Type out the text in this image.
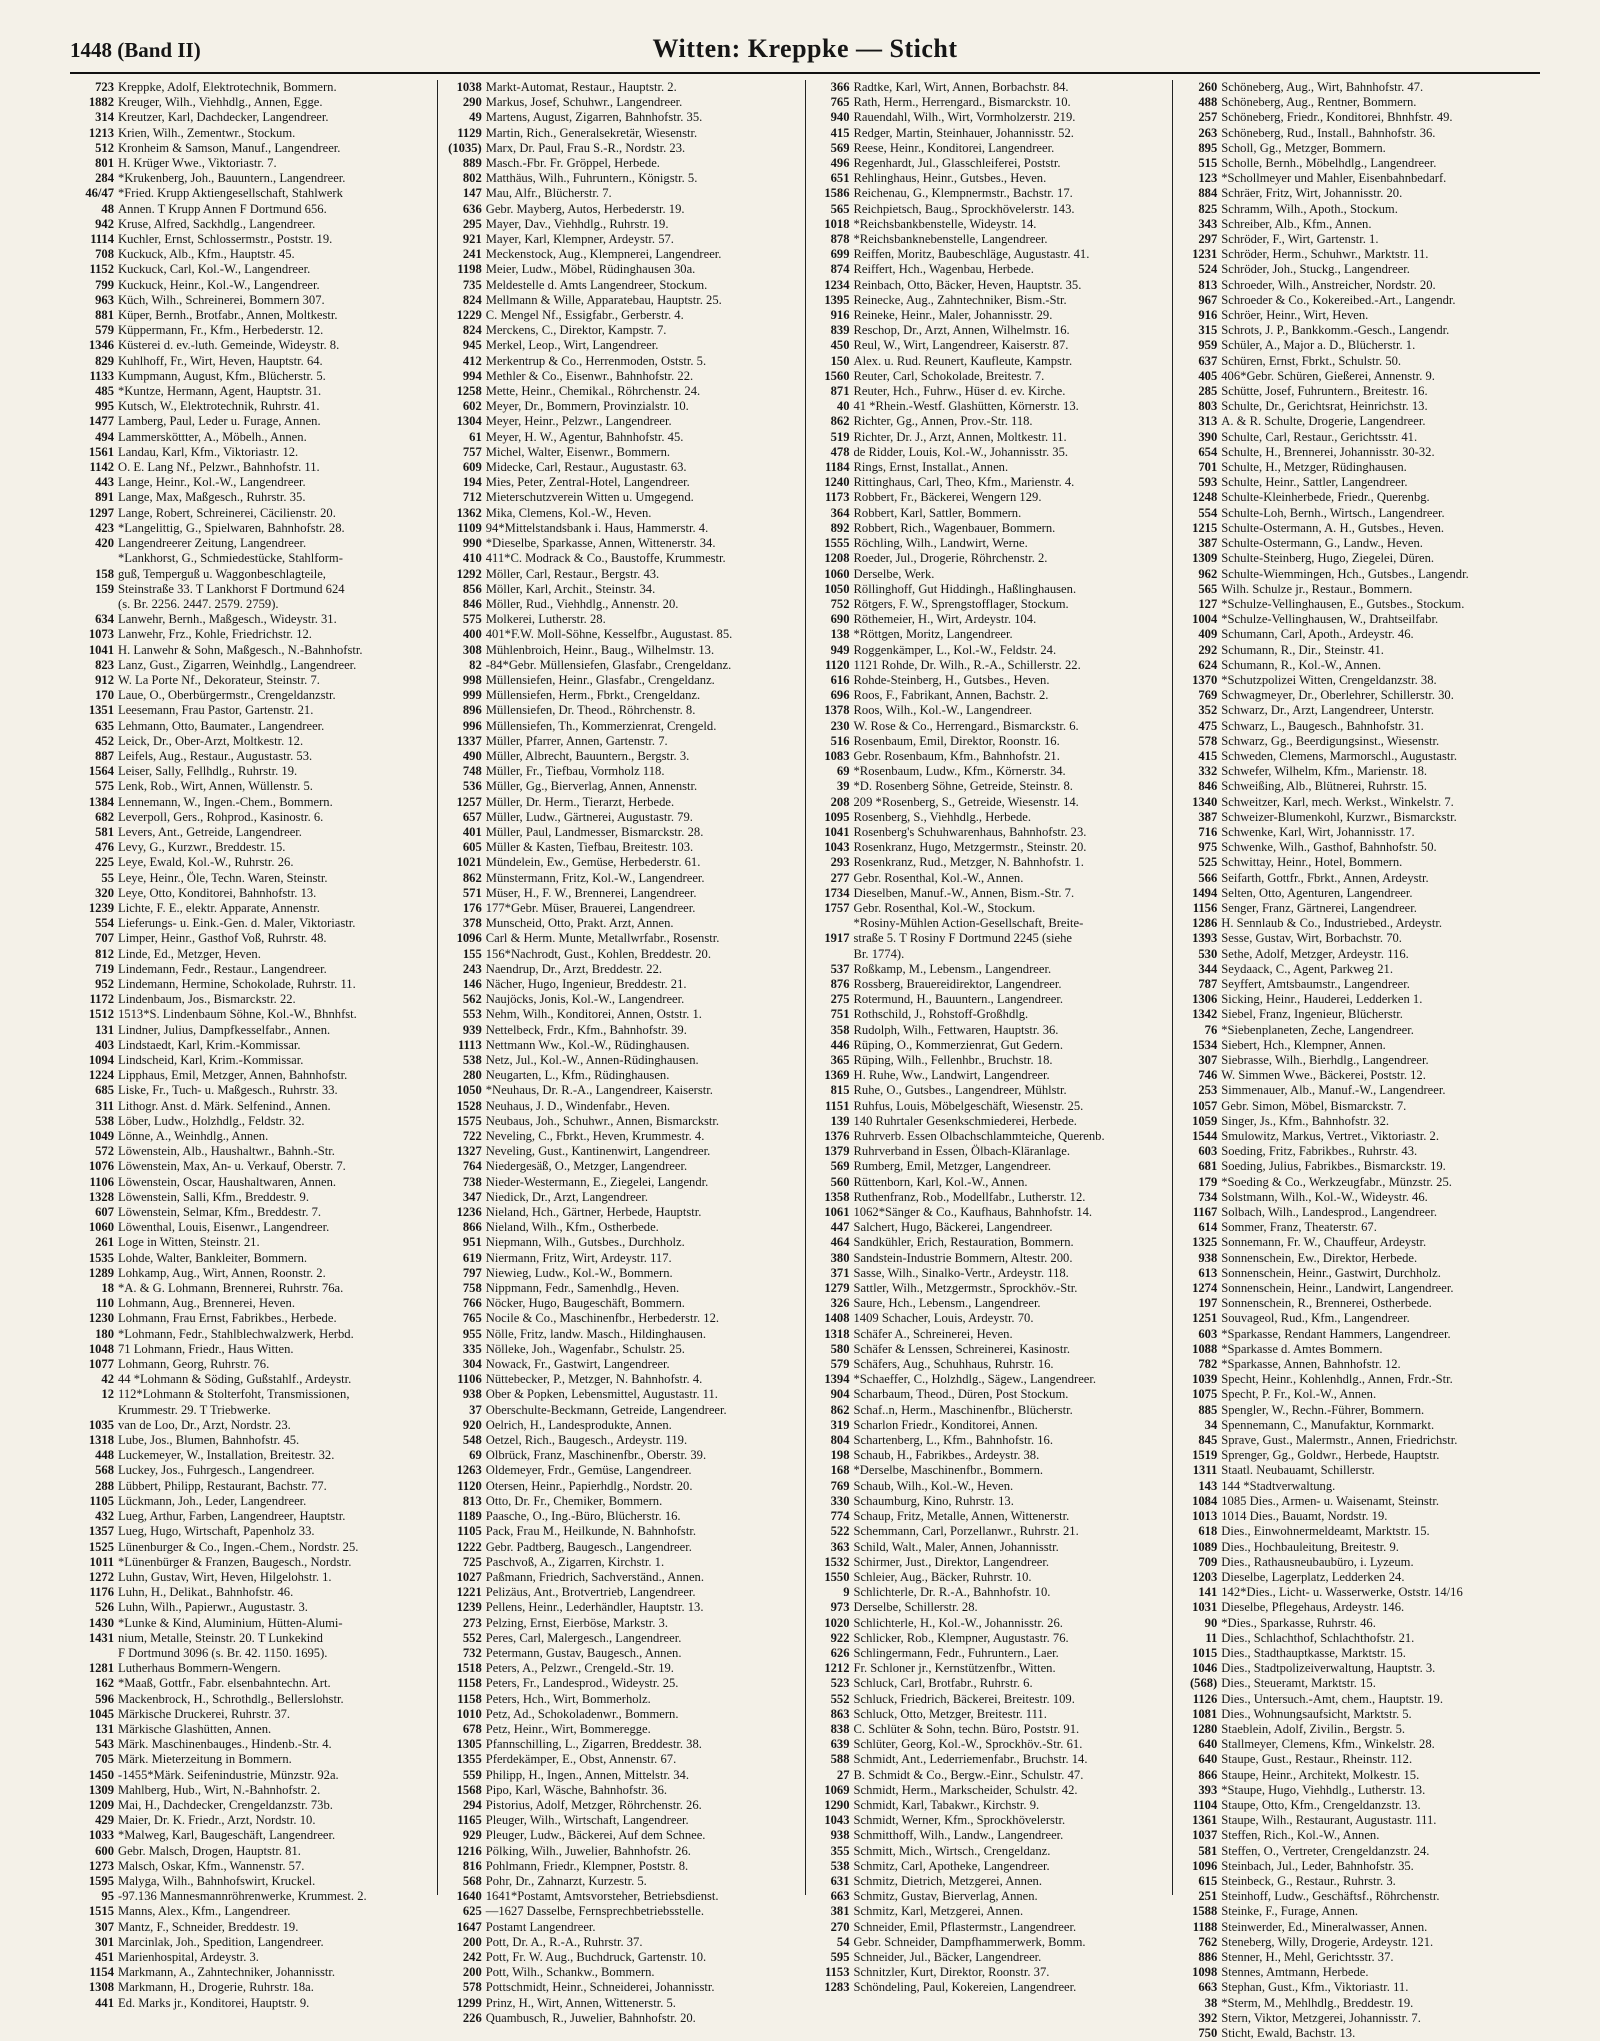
1448 (Band II)	Witten: Kreppke — Sticht
723 Kreppke, Adolf, Elektrotechnik, Bommern.
1882 Kreuger, Wilh., Viehhdlg., Annen, Egge.
314 Kreutzer, Karl, Dachdecker, Langendreer.
1213 Krien, Wilh., Zementwr., Stockum.
512 Kronheim & Samson, Manuf., Langendreer.
801 H. Krüger Wwe., Viktoriastr. 7.
284 *Krukenberg, Joh., Bauuntern., Langendreer.
46/47 *Fried. Krupp Aktiengesellschaft, Stahlwerk
48 Annen. T Krupp Annen F Dortmund 656.
942 Kruse, Alfred, Sackhdlg., Langendreer.
1114 Kuchler, Ernst, Schlossermstr., Poststr. 19.
708 Kuckuck, Alb., Kfm., Hauptstr. 45.
1152 Kuckuck, Carl, Kol.-W., Langendreer.
799 Kuckuck, Heinr., Kol.-W., Langendreer.
963 Küch, Wilh., Schreinerei, Bommern 307.
881 Küper, Bernh., Brotfabr., Annen, Moltkestr.
579 Küppermann, Fr., Kfm., Herbederstr. 12.
1346 Küsterei d. ev.-luth. Gemeinde, Wideystr. 8.
829 Kuhlhoff, Fr., Wirt, Heven, Hauptstr. 64.
1133 Kumpmann, August, Kfm., Blücherstr. 5.
485 *Kuntze, Hermann, Agent, Hauptstr. 31.
995 Kutsch, W., Elektrotechnik, Ruhrstr. 41.
1477 Lamberg, Paul, Leder u. Furage, Annen.
494 Lammersköttter, A., Möbelh., Annen.
1561 Landau, Karl, Kfm., Viktoriastr. 12.
1142 O. E. Lang Nf., Pelzwr., Bahnhofstr. 11.
443 Lange, Heinr., Kol.-W., Langendreer.
891 Lange, Max, Maßgesch., Ruhrstr. 35.
1297 Lange, Robert, Schreinerei, Cäcilienstr. 20.
423 *Langelittig, G., Spielwaren, Bahnhofstr. 28.
420 Langendreerer Zeitung, Langendreer.
*Lankhorst, G., Schmiedestücke, Stahlform-
158 guß, Temperguß u. Waggonbeschlagteile,
159 Steinstraße 33. T Lankhorst F Dortmund 624
(s. Br. 2256. 2447. 2579. 2759).
634 Lanwehr, Bernh., Maßgesch., Wideystr. 31.
1073 Lanwehr, Frz., Kohle, Friedrichstr. 12.
1041 H. Lanwehr & Sohn, Maßgesch., N.-Bahnhofstr.
823 Lanz, Gust., Zigarren, Weinhdlg., Langendreer.
912 W. La Porte Nf., Dekorateur, Steinstr. 7.
170 Laue, O., Oberbürgermstr., Crengeldanzstr.
1351 Leesemann, Frau Pastor, Gartenstr. 21.
635 Lehmann, Otto, Baumater., Langendreer.
452 Leick, Dr., Ober-Arzt, Moltkestr. 12.
887 Leifels, Aug., Restaur., Augustastr. 53.
1564 Leiser, Sally, Fellhdlg., Ruhrstr. 19.
575 Lenk, Rob., Wirt, Annen, Wüllenstr. 5.
1384 Lennemann, W., Ingen.-Chem., Bommern.
682 Leverpoll, Gers., Rohprod., Kasinostr. 6.
581 Levers, Ant., Getreide, Langendreer.
476 Levy, G., Kurzwr., Breddestr. 15.
225 Leye, Ewald, Kol.-W., Ruhrstr. 26.
55 Leye, Heinr., Öle, Techn. Waren, Steinstr.
320 Leye, Otto, Konditorei, Bahnhofstr. 13.
1239 Lichte, F. E., elektr. Apparate, Annenstr.
554 Lieferungs- u. Eink.-Gen. d. Maler, Viktoriastr.
707 Limper, Heinr., Gasthof Voß, Ruhrstr. 48.
812 Linde, Ed., Metzger, Heven.
719 Lindemann, Fedr., Restaur., Langendreer.
952 Lindemann, Hermine, Schokolade, Ruhrstr. 11.
1172 Lindenbaum, Jos., Bismarckstr. 22.
1512 1513*S. Lindenbaum Söhne, Kol.-W., Bhnhfst.
131 Lindner, Julius, Dampfkesselfabr., Annen.
403 Lindstaedt, Karl, Krim.-Kommissar.
1094 Lindscheid, Karl, Krim.-Kommissar.
1224 Lipphaus, Emil, Metzger, Annen, Bahnhofstr.
685 Liske, Fr., Tuch- u. Maßgesch., Ruhrstr. 33.
311 Lithogr. Anst. d. Märk. Selfenind., Annen.
538 Löber, Ludw., Holzhdlg., Feldstr. 32.
1049 Lönne, A., Weinhdlg., Annen.
572 Löwenstein, Alb., Haushaltwr., Bahnh.-Str.
1076 Löwenstein, Max, An- u. Verkauf, Oberstr. 7.
1106 Löwenstein, Oscar, Haushaltwaren, Annen.
1328 Löwenstein, Salli, Kfm., Breddestr. 9.
607 Löwenstein, Selmar, Kfm., Breddestr. 7.
1060 Löwenthal, Louis, Eisenwr., Langendreer.
261 Loge in Witten, Steinstr. 21.
1535 Lohde, Walter, Bankleiter, Bommern.
1289 Lohkamp, Aug., Wirt, Annen, Roonstr. 2.
18 *A. & G. Lohmann, Brennerei, Ruhrstr. 76a.
110 Lohmann, Aug., Brennerei, Heven.
1230 Lohmann, Frau Ernst, Fabrikbes., Herbede.
180 *Lohmann, Fedr., Stahlblechwalzwerk, Herbd.
1048 71 Lohmann, Friedr., Haus Witten.
1077 Lohmann, Georg, Ruhrstr. 76.
42 44 *Lohmann & Söding, Gußstahlf., Ardeystr.
12 112*Lohmann & Stolterfoht, Transmissionen,
Krummestr. 29. T Triebwerke.
1035 van de Loo, Dr., Arzt, Nordstr. 23.
1318 Lube, Jos., Blumen, Bahnhofstr. 45.
448 Luckemeyer, W., Installation, Breitestr. 32.
568 Luckey, Jos., Fuhrgesch., Langendreer.
288 Lübbert, Philipp, Restaurant, Bachstr. 77.
1105 Lückmann, Joh., Leder, Langendreer.
432 Lueg, Arthur, Farben, Langendreer, Hauptstr.
1357 Lueg, Hugo, Wirtschaft, Papenholz 33.
1525 Lünenburger & Co., Ingen.-Chem., Nordstr. 25.
1011 *Lünenbürger & Franzen, Baugesch., Nordstr.
1272 Luhn, Gustav, Wirt, Heven, Hilgelohstr. 1.
1176 Luhn, H., Delikat., Bahnhofstr. 46.
526 Luhn, Wilh., Papierwr., Augustastr. 3.
1430 *Lunke & Kind, Aluminium, Hütten-Alumi-
1431 nium, Metalle, Steinstr. 20. T Lunkekind
F Dortmund 3096 (s. Br. 42. 1150. 1695).
1281 Lutherhaus Bommern-Wengern.
162 *Maaß, Gottfr., Fabr. elsenbahntechn. Art.
596 Mackenbrock, H., Schrothdlg., Bellerslohstr.
1045 Märkische Druckerei, Ruhrstr. 37.
131 Märkische Glashütten, Annen.
543 Märk. Maschinenbauges., Hindenb.-Str. 4.
705 Märk. Mieterzeitung in Bommern.
1450 -1455*Märk. Seifenindustrie, Münzstr. 92a.
1309 Mahlberg, Hub., Wirt, N.-Bahnhofstr. 2.
1209 Mai, H., Dachdecker, Crengeldanzstr. 73b.
429 Maier, Dr. K. Friedr., Arzt, Nordstr. 10.
1033 *Malweg, Karl, Baugeschäft, Langendreer.
600 Gebr. Malsch, Drogen, Hauptstr. 81.
1273 Malsch, Oskar, Kfm., Wannenstr. 57.
1595 Malyga, Wilh., Bahnhofswirt, Kruckel.
95 -97.136 Mannesmannröhrenwerke, Krummest. 2.
1515 Manns, Alex., Kfm., Langendreer.
307 Mantz, F., Schneider, Breddestr. 19.
301 Marcinlak, Joh., Spedition, Langendreer.
451 Marienhospital, Ardeystr. 3.
1154 Markmann, A., Zahntechniker, Johannisstr.
1308 Markmann, H., Drogerie, Ruhrstr. 18a.
441 Ed. Marks jr., Konditorei, Hauptstr. 9.
1038 Markt-Automat, Restaur., Hauptstr. 2.
290 Markus, Josef, Schuhwr., Langendreer.
49 Martens, August, Zigarren, Bahnhofstr. 35.
1129 Martin, Rich., Generalsekretär, Wiesenstr.
(1035) Marx, Dr. Paul, Frau S.-R., Nordstr. 23.
889 Masch.-Fbr. Fr. Gröppel, Herbede.
802 Matthäus, Wilh., Fuhruntern., Königstr. 5.
147 Mau, Alfr., Blücherstr. 7.
636 Gebr. Mayberg, Autos, Herbederstr. 19.
295 Mayer, Dav., Viehhdlg., Ruhrstr. 19.
921 Mayer, Karl, Klempner, Ardeystr. 57.
241 Meckenstock, Aug., Klempnerei, Langendreer.
1198 Meier, Ludw., Möbel, Rüdinghausen 30a.
735 Meldestelle d. Amts Langendreer, Stockum.
824 Mellmann & Wille, Apparatebau, Hauptstr. 25.
1229 C. Mengel Nf., Essigfabr., Gerberstr. 4.
824 Merckens, C., Direktor, Kampstr. 7.
945 Merkel, Leop., Wirt, Langendreer.
412 Merkentrup & Co., Herrenmoden, Oststr. 5.
994 Methler & Co., Eisenwr., Bahnhofstr. 22.
1258 Mette, Heinr., Chemikal., Röhrchenstr. 24.
602 Meyer, Dr., Bommern, Provinzialstr. 10.
1304 Meyer, Heinr., Pelzwr., Langendreer.
61 Meyer, H. W., Agentur, Bahnhofstr. 45.
757 Michel, Walter, Eisenwr., Bommern.
609 Midecke, Carl, Restaur., Augustastr. 63.
194 Mies, Peter, Zentral-Hotel, Langendreer.
712 Mieterschutzverein Witten u. Umgegend.
1362 Mika, Clemens, Kol.-W., Heven.
1109 94*Mittelstandsbank i. Haus, Hammerstr. 4.
990 *Dieselbe, Sparkasse, Annen, Wittenerstr. 34.
410 411*C. Modrack & Co., Baustoffe, Krummestr.
1292 Möller, Carl, Restaur., Bergstr. 43.
856 Möller, Karl, Archit., Steinstr. 34.
846 Möller, Rud., Viehhdlg., Annenstr. 20.
575 Molkerei, Lutherstr. 28.
400 401*F.W. Moll-Söhne, Kesselfbr., Augustast. 85.
308 Mühlenbroich, Heinr., Baug., Wilhelmstr. 13.
82 -84*Gebr. Müllensiefen, Glasfabr., Crengeldanz.
998 Müllensiefen, Heinr., Glasfabr., Crengeldanz.
999 Müllensiefen, Herm., Fbrkt., Crengeldanz.
896 Müllensiefen, Dr. Theod., Röhrchenstr. 8.
996 Müllensiefen, Th., Kommerzienrat, Crengeld.
1337 Müller, Pfarrer, Annen, Gartenstr. 7.
490 Müller, Albrecht, Bauuntern., Bergstr. 3.
748 Müller, Fr., Tiefbau, Vormholz 118.
536 Müller, Gg., Bierverlag, Annen, Annenstr.
1257 Müller, Dr. Herm., Tierarzt, Herbede.
657 Müller, Ludw., Gärtnerei, Augustastr. 79.
401 Müller, Paul, Landmesser, Bismarckstr. 28.
605 Müller & Kasten, Tiefbau, Breitestr. 103.
1021 Mündelein, Ew., Gemüse, Herbederstr. 61.
862 Münstermann, Fritz, Kol.-W., Langendreer.
571 Müser, H., F. W., Brennerei, Langendreer.
176 177*Gebr. Müser, Brauerei, Langendreer.
378 Munscheid, Otto, Prakt. Arzt, Annen.
1096 Carl & Herm. Munte, Metallwrfabr., Rosenstr.
155 156*Nachrodt, Gust., Kohlen, Breddestr. 20.
243 Naendrup, Dr., Arzt, Breddestr. 22.
146 Nächer, Hugo, Ingenieur, Breddestr. 21.
562 Naujöcks, Jonis, Kol.-W., Langendreer.
553 Nehm, Wilh., Konditorei, Annen, Oststr. 1.
939 Nettelbeck, Frdr., Kfm., Bahnhofstr. 39.
1113 Nettmann Ww., Kol.-W., Rüdinghausen.
538 Netz, Jul., Kol.-W., Annen-Rüdinghausen.
280 Neugarten, L., Kfm., Rüdinghausen.
1050 *Neuhaus, Dr. R.-A., Langendreer, Kaiserstr.
1528 Neuhaus, J. D., Windenfabr., Heven.
1575 Neubaus, Joh., Schuhwr., Annen, Bismarckstr.
722 Neveling, C., Fbrkt., Heven, Krummestr. 4.
1327 Neveling, Gust., Kantinenwirt, Langendreer.
764 Niedergesäß, O., Metzger, Langendreer.
738 Nieder-Westermann, E., Ziegelei, Langendr.
347 Niedick, Dr., Arzt, Langendreer.
1236 Nieland, Hch., Gärtner, Herbede, Hauptstr.
866 Nieland, Wilh., Kfm., Ostherbede.
951 Niepmann, Wilh., Gutsbes., Durchholz.
619 Niermann, Fritz, Wirt, Ardeystr. 117.
797 Niewieg, Ludw., Kol.-W., Bommern.
758 Nippmann, Fedr., Samenhdlg., Heven.
766 Nöcker, Hugo, Baugeschäft, Bommern.
765 Nocile & Co., Maschinenfbr., Herbederstr. 12.
955 Nölle, Fritz, landw. Masch., Hildinghausen.
335 Nölleke, Joh., Wagenfabr., Schulstr. 25.
304 Nowack, Fr., Gastwirt, Langendreer.
1106 Nüttebecker, P., Metzger, N. Bahnhofstr. 4.
938 Ober & Popken, Lebensmittel, Augustastr. 11.
37 Oberschulte-Beckmann, Getreide, Langendreer.
920 Oelrich, H., Landesprodukte, Annen.
548 Oetzel, Rich., Baugesch., Ardeystr. 119.
69 Olbrück, Franz, Maschinenfbr., Oberstr. 39.
1263 Oldemeyer, Frdr., Gemüse, Langendreer.
1120 Otersen, Heinr., Papierhdlg., Nordstr. 20.
813 Otto, Dr. Fr., Chemiker, Bommern.
1189 Paasche, O., Ing.-Büro, Blücherstr. 16.
1105 Pack, Frau M., Heilkunde, N. Bahnhofstr.
1222 Gebr. Padtberg, Baugesch., Langendreer.
725 Paschvoß, A., Zigarren, Kirchstr. 1.
1027 Paßmann, Friedrich, Sachverständ., Annen.
1221 Pelizäus, Ant., Brotvertrieb, Langendreer.
1239 Pellens, Heinr., Lederhändler, Hauptstr. 13.
273 Pelzing, Ernst, Eierböse, Markstr. 3.
552 Peres, Carl, Malergesch., Langendreer.
732 Petermann, Gustav, Baugesch., Annen.
1518 Peters, A., Pelzwr., Crengeld.-Str. 19.
1158 Peters, Fr., Landesprod., Wideystr. 25.
1158 Peters, Hch., Wirt, Bommerholz.
1010 Petz, Ad., Schokoladenwr., Bommern.
678 Petz, Heinr., Wirt, Bommeregge.
1305 Pfannschilling, L., Zigarren, Breddestr. 38.
1355 Pferdekämper, E., Obst, Annenstr. 67.
559 Philipp, H., Ingen., Annen, Mittelstr. 34.
1568 Pipo, Karl, Wäsche, Bahnhofstr. 36.
294 Pistorius, Adolf, Metzger, Röhrchenstr. 26.
1165 Pleuger, Wilh., Wirtschaft, Langendreer.
929 Pleuger, Ludw., Bäckerei, Auf dem Schnee.
1216 Pölking, Wilh., Juwelier, Bahnhofstr. 26.
816 Pohlmann, Friedr., Klempner, Poststr. 8.
568 Pohr, Dr., Zahnarzt, Kurzestr. 5.
1640 1641*Postamt, Amtsvorsteher, Betriebsdienst.
625 —1627 Dasselbe, Fernsprechbetriebsstelle.
1647 Postamt Langendreer.
200 Pott, Dr. A., R.-A., Ruhrstr. 37.
242 Pott, Fr. W. Aug., Buchdruck, Gartenstr. 10.
200 Pott, Wilh., Schankw., Bommern.
578 Pottschmidt, Heinr., Schneiderei, Johannisstr.
1299 Prinz, H., Wirt, Annen, Wittenerstr. 5.
226 Quambusch, R., Juwelier, Bahnhofstr. 20.
366 Radtke, Karl, Wirt, Annen, Borbachstr. 84.
765 Rath, Herm., Herrengard., Bismarckstr. 10.
940 Rauendahl, Wilh., Wirt, Vormholzerstr. 219.
415 Redger, Martin, Steinhauer, Johannisstr. 52.
569 Reese, Heinr., Konditorei, Langendreer.
496 Regenhardt, Jul., Glasschleiferei, Poststr.
651 Rehlinghaus, Heinr., Gutsbes., Heven.
1586 Reichenau, G., Klempnermstr., Bachstr. 17.
565 Reichpietsch, Baug., Sprockhövelerstr. 143.
1018 *Reichsbankbenstelle, Wideystr. 14.
878 *Reichsbanknebenstelle, Langendreer.
699 Reiffen, Moritz, Baubeschläge, Augustastr. 41.
874 Reiffert, Hch., Wagenbau, Herbede.
1234 Reinbach, Otto, Bäcker, Heven, Hauptstr. 35.
1395 Reinecke, Aug., Zahntechniker, Bism.-Str.
916 Reineke, Heinr., Maler, Johannisstr. 29.
839 Reschop, Dr., Arzt, Annen, Wilhelmstr. 16.
450 Reul, W., Wirt, Langendreer, Kaiserstr. 87.
150 Alex. u. Rud. Reunert, Kaufleute, Kampstr.
1560 Reuter, Carl, Schokolade, Breitestr. 7.
871 Reuter, Hch., Fuhrw., Hüser d. ev. Kirche.
40 41 *Rhein.-Westf. Glashütten, Körnerstr. 13.
862 Richter, Gg., Annen, Prov.-Str. 118.
519 Richter, Dr. J., Arzt, Annen, Moltkestr. 11.
478 de Ridder, Louis, Kol.-W., Johannisstr. 35.
1184 Rings, Ernst, Installat., Annen.
1240 Rittinghaus, Carl, Theo, Kfm., Marienstr. 4.
1173 Robbert, Fr., Bäckerei, Wengern 129.
364 Robbert, Karl, Sattler, Bommern.
892 Robbert, Rich., Wagenbauer, Bommern.
1555 Röchling, Wilh., Landwirt, Werne.
1208 Roeder, Jul., Drogerie, Röhrchenstr. 2.
1060 Derselbe, Werk.
1050 Röllinghoff, Gut Hiddingh., Haßlinghausen.
752 Rötgers, F. W., Sprengstofflager, Stockum.
690 Röthemeier, H., Wirt, Ardeystr. 104.
138 *Röttgen, Moritz, Langendreer.
949 Roggenkämper, L., Kol.-W., Feldstr. 24.
1120 1121 Rohde, Dr. Wilh., R.-A., Schillerstr. 22.
616 Rohde-Steinberg, H., Gutsbes., Heven.
696 Roos, F., Fabrikant, Annen, Bachstr. 2.
1378 Roos, Wilh., Kol.-W., Langendreer.
230 W. Rose & Co., Herrengard., Bismarckstr. 6.
516 Rosenbaum, Emil, Direktor, Roonstr. 16.
1083 Gebr. Rosenbaum, Kfm., Bahnhofstr. 21.
69 *Rosenbaum, Ludw., Kfm., Körnerstr. 34.
39 *D. Rosenberg Söhne, Getreide, Steinstr. 8.
208 209 *Rosenberg, S., Getreide, Wiesenstr. 14.
1095 Rosenberg, S., Viehhdlg., Herbede.
1041 Rosenberg's Schuhwarenhaus, Bahnhofstr. 23.
1043 Rosenkranz, Hugo, Metzgermstr., Steinstr. 20.
293 Rosenkranz, Rud., Metzger, N. Bahnhofstr. 1.
277 Gebr. Rosenthal, Kol.-W., Annen.
1734 Dieselben, Manuf.-W., Annen, Bism.-Str. 7.
1757 Gebr. Rosenthal, Kol.-W., Stockum.
*Rosiny-Mühlen Action-Gesellschaft, Breite-
1917 straße 5. T Rosiny F Dortmund 2245 (siehe
Br. 1774).
537 Roßkamp, M., Lebensm., Langendreer.
876 Rossberg, Brauereidirektor, Langendreer.
275 Rotermund, H., Bauuntern., Langendreer.
751 Rothschild, J., Rohstoff-Großhdlg.
358 Rudolph, Wilh., Fettwaren, Hauptstr. 36.
446 Rüping, O., Kommerzienrat, Gut Gedern.
365 Rüping, Wilh., Fellenhbr., Bruchstr. 18.
1369 H. Ruhe, Ww., Landwirt, Langendreer.
815 Ruhe, O., Gutsbes., Langendreer, Mühlstr.
1151 Ruhfus, Louis, Möbelgeschäft, Wiesenstr. 25.
139 140 Ruhrtaler Gesenkschmiederei, Herbede.
1376 Ruhrverb. Essen Olbachschlammteiche, Querenb.
1379 Ruhrverband in Essen, Ölbach-Kläranlage.
569 Rumberg, Emil, Metzger, Langendreer.
560 Rüttenborn, Karl, Kol.-W., Annen.
1358 Ruthenfranz, Rob., Modellfabr., Lutherstr. 12.
1061 1062*Sänger & Co., Kaufhaus, Bahnhofstr. 14.
447 Salchert, Hugo, Bäckerei, Langendreer.
464 Sandkühler, Erich, Restauration, Bommern.
380 Sandstein-Industrie Bommern, Altestr. 200.
371 Sasse, Wilh., Sinalko-Vertr., Ardeystr. 118.
1279 Sattler, Wilh., Metzgermstr., Sprockhöv.-Str.
326 Saure, Hch., Lebensm., Langendreer.
1408 1409 Schacher, Louis, Ardeystr. 70.
1318 Schäfer A., Schreinerei, Heven.
580 Schäfer & Lenssen, Schreinerei, Kasinostr.
579 Schäfers, Aug., Schuhhaus, Ruhrstr. 16.
1394 *Schaeffer, C., Holzhdlg., Sägew., Langendreer.
904 Scharbaum, Theod., Düren, Post Stockum.
862 Schaf..n, Herm., Maschinenfbr., Blücherstr.
319 Scharlon Friedr., Konditorei, Annen.
804 Schartenberg, L., Kfm., Bahnhofstr. 16.
198 Schaub, H., Fabrikbes., Ardeystr. 38.
168 *Derselbe, Maschinenfbr., Bommern.
769 Schaub, Wilh., Kol.-W., Heven.
330 Schaumburg, Kino, Ruhrstr. 13.
774 Schaup, Fritz, Metalle, Annen, Wittenerstr.
522 Schemmann, Carl, Porzellanwr., Ruhrstr. 21.
363 Schild, Walt., Maler, Annen, Johannisstr.
1532 Schirmer, Just., Direktor, Langendreer.
1550 Schleier, Aug., Bäcker, Ruhrstr. 10.
9 Schlichterle, Dr. R.-A., Bahnhofstr. 10.
973 Derselbe, Schillerstr. 28.
1020 Schlichterle, H., Kol.-W., Johannisstr. 26.
922 Schlicker, Rob., Klempner, Augustastr. 76.
626 Schlingermann, Fedr., Fuhruntern., Laer.
1212 Fr. Schloner jr., Kernstützenfbr., Witten.
523 Schluck, Carl, Brotfabr., Ruhrstr. 6.
552 Schluck, Friedrich, Bäckerei, Breitestr. 109.
863 Schluck, Otto, Metzger, Breitestr. 111.
838 C. Schlüter & Sohn, techn. Büro, Poststr. 91.
639 Schlüter, Georg, Kol.-W., Sprockhöv.-Str. 61.
588 Schmidt, Ant., Lederriemenfabr., Bruchstr. 14.
27 B. Schmidt & Co., Bergw.-Einr., Schulstr. 47.
1069 Schmidt, Herm., Markscheider, Schulstr. 42.
1290 Schmidt, Karl, Tabakwr., Kirchstr. 9.
1043 Schmidt, Werner, Kfm., Sprockhövelerstr.
938 Schmitthoff, Wilh., Landw., Langendreer.
355 Schmitt, Mich., Wirtsch., Crengeldanz.
538 Schmitz, Carl, Apotheke, Langendreer.
631 Schmitz, Dietrich, Metzgerei, Annen.
663 Schmitz, Gustav, Bierverlag, Annen.
381 Schmitz, Karl, Metzgerei, Annen.
270 Schneider, Emil, Pflastermstr., Langendreer.
54 Gebr. Schneider, Dampfhammerwerk, Bomm.
595 Schneider, Jul., Bäcker, Langendreer.
1153 Schnitzler, Kurt, Direktor, Roonstr. 37.
1283 Schöndeling, Paul, Kokereien, Langendreer.
260 Schöneberg, Aug., Wirt, Bahnhofstr. 47.
488 Schöneberg, Aug., Rentner, Bommern.
257 Schöneberg, Friedr., Konditorei, Bhnhfstr. 49.
263 Schöneberg, Rud., Install., Bahnhofstr. 36.
895 Scholl, Gg., Metzger, Bommern.
515 Scholle, Bernh., Möbelhdlg., Langendreer.
123 *Schollmeyer und Mahler, Eisenbahnbedarf.
884 Schräer, Fritz, Wirt, Johannisstr. 20.
825 Schramm, Wilh., Apoth., Stockum.
343 Schreiber, Alb., Kfm., Annen.
297 Schröder, F., Wirt, Gartenstr. 1.
1231 Schröder, Herm., Schuhwr., Marktstr. 11.
524 Schröder, Joh., Stuckg., Langendreer.
813 Schroeder, Wilh., Anstreicher, Nordstr. 20.
967 Schroeder & Co., Kokereibed.-Art., Langendr.
916 Schröer, Heinr., Wirt, Heven.
315 Schrots, J. P., Bankkomm.-Gesch., Langendr.
959 Schüler, A., Major a. D., Blücherstr. 1.
637 Schüren, Ernst, Fbrkt., Schulstr. 50.
405 406*Gebr. Schüren, Gießerei, Annenstr. 9.
285 Schütte, Josef, Fuhruntern., Breitestr. 16.
803 Schulte, Dr., Gerichtsrat, Heinrichstr. 13.
313 A. & R. Schulte, Drogerie, Langendreer.
390 Schulte, Carl, Restaur., Gerichtsstr. 41.
654 Schulte, H., Brennerei, Johannisstr. 30-32.
701 Schulte, H., Metzger, Rüdinghausen.
593 Schulte, Heinr., Sattler, Langendreer.
1248 Schulte-Kleinherbede, Friedr., Querenbg.
554 Schulte-Loh, Bernh., Wirtsch., Langendreer.
1215 Schulte-Ostermann, A. H., Gutsbes., Heven.
387 Schulte-Ostermann, G., Landw., Heven.
1309 Schulte-Steinberg, Hugo, Ziegelei, Düren.
962 Schulte-Wiemmingen, Hch., Gutsbes., Langendr.
565 Wilh. Schulze jr., Restaur., Bommern.
127 *Schulze-Vellinghausen, E., Gutsbes., Stockum.
1004 *Schulze-Vellinghausen, W., Drahtseilfabr.
409 Schumann, Carl, Apoth., Ardeystr. 46.
292 Schumann, R., Dir., Steinstr. 41.
624 Schumann, R., Kol.-W., Annen.
1370 *Schutzpolizei Witten, Crengeldanzstr. 38.
769 Schwagmeyer, Dr., Oberlehrer, Schillerstr. 30.
352 Schwarz, Dr., Arzt, Langendreer, Unterstr.
475 Schwarz, L., Baugesch., Bahnhofstr. 31.
578 Schwarz, Gg., Beerdigungsinst., Wiesenstr.
415 Schweden, Clemens, Marmorschl., Augustastr.
332 Schwefer, Wilhelm, Kfm., Marienstr. 18.
846 Schweißing, Alb., Blütnerei, Ruhrstr. 15.
1340 Schweitzer, Karl, mech. Werkst., Winkelstr. 7.
387 Schweizer-Blumenkohl, Kurzwr., Bismarckstr.
716 Schwenke, Karl, Wirt, Johannisstr. 17.
975 Schwenke, Wilh., Gasthof, Bahnhofstr. 50.
525 Schwittay, Heinr., Hotel, Bommern.
566 Seifarth, Gottfr., Fbrkt., Annen, Ardeystr.
1494 Selten, Otto, Agenturen, Langendreer.
1156 Senger, Franz, Gärtnerei, Langendreer.
1286 H. Sennlaub & Co., Industriebed., Ardeystr.
1393 Sesse, Gustav, Wirt, Borbachstr. 70.
530 Sethe, Adolf, Metzger, Ardeystr. 116.
344 Seydaack, C., Agent, Parkweg 21.
787 Seyffert, Amtsbaumstr., Langendreer.
1306 Sicking, Heinr., Hauderei, Ledderken 1.
1342 Siebel, Franz, Ingenieur, Blücherstr.
76 *Siebenplaneten, Zeche, Langendreer.
1534 Siebert, Hch., Klempner, Annen.
307 Siebrasse, Wilh., Bierhdlg., Langendreer.
746 W. Simmen Wwe., Bäckerei, Poststr. 12.
253 Simmenauer, Alb., Manuf.-W., Langendreer.
1057 Gebr. Simon, Möbel, Bismarckstr. 7.
1059 Singer, Js., Kfm., Bahnhofstr. 32.
1544 Smulowitz, Markus, Vertret., Viktoriastr. 2.
603 Soeding, Fritz, Fabrikbes., Ruhrstr. 43.
681 Soeding, Julius, Fabrikbes., Bismarckstr. 19.
179 *Soeding & Co., Werkzeugfabr., Münzstr. 25.
734 Solstmann, Wilh., Kol.-W., Wideystr. 46.
1167 Solbach, Wilh., Landesprod., Langendreer.
614 Sommer, Franz, Theaterstr. 67.
1325 Sonnemann, Fr. W., Chauffeur, Ardeystr.
938 Sonnenschein, Ew., Direktor, Herbede.
613 Sonnenschein, Heinr., Gastwirt, Durchholz.
1274 Sonnenschein, Heinr., Landwirt, Langendreer.
197 Sonnenschein, R., Brennerei, Ostherbede.
1251 Souvageol, Rud., Kfm., Langendreer.
603 *Sparkasse, Rendant Hammers, Langendreer.
1088 *Sparkasse d. Amtes Bommern.
782 *Sparkasse, Annen, Bahnhofstr. 12.
1039 Specht, Heinr., Kohlenhdlg., Annen, Frdr.-Str.
1075 Specht, P. Fr., Kol.-W., Annen.
885 Spengler, W., Rechn.-Führer, Bommern.
34 Spennemann, C., Manufaktur, Kornmarkt.
845 Sprave, Gust., Malermstr., Annen, Friedrichstr.
1519 Sprenger, Gg., Goldwr., Herbede, Hauptstr.
1311 Staatl. Neubauamt, Schillerstr.
143 144 *Stadtverwaltung.
1084 1085 Dies., Armen- u. Waisenamt, Steinstr.
1013 1014 Dies., Bauamt, Nordstr. 19.
618 Dies., Einwohnermeldeamt, Marktstr. 15.
1089 Dies., Hochbauleitung, Breitestr. 9.
709 Dies., Rathausneubaubüro, i. Lyzeum.
1203 Dieselbe, Lagerplatz, Ledderken 24.
141 142*Dies., Licht- u. Wasserwerke, Oststr. 14/16
1031 Dieselbe, Pflegehaus, Ardeystr. 146.
90 *Dies., Sparkasse, Ruhrstr. 46.
11 Dies., Schlachthof, Schlachthofstr. 21.
1015 Dies., Stadthauptkasse, Marktstr. 15.
1046 Dies., Stadtpolizeiverwaltung, Hauptstr. 3.
(568) Dies., Steueramt, Marktstr. 15.
1126 Dies., Untersuch.-Amt, chem., Hauptstr. 19.
1081 Dies., Wohnungsaufsicht, Marktstr. 5.
1280 Staeblein, Adolf, Zivilin., Bergstr. 5.
640 Stallmeyer, Clemens, Kfm., Winkelstr. 28.
640 Staupe, Gust., Restaur., Rheinstr. 112.
866 Staupe, Heinr., Architekt, Molkestr. 15.
393 *Staupe, Hugo, Viehhdlg., Lutherstr. 13.
1104 Staupe, Otto, Kfm., Crengeldanzstr. 13.
1361 Staupe, Wilh., Restaurant, Augustastr. 111.
1037 Steffen, Rich., Kol.-W., Annen.
581 Steffen, O., Vertreter, Crengeldanzstr. 24.
1096 Steinbach, Jul., Leder, Bahnhofstr. 35.
615 Steinbeck, G., Restaur., Ruhrstr. 3.
251 Steinhoff, Ludw., Geschäftsf., Röhrchenstr.
1588 Steinke, F., Furage, Annen.
1188 Steinwerder, Ed., Mineralwasser, Annen.
762 Steneberg, Willy, Drogerie, Ardeystr. 121.
886 Stenner, H., Mehl, Gerichtsstr. 37.
1098 Stennes, Amtmann, Herbede.
663 Stephan, Gust., Kfm., Viktoriastr. 11.
38 *Sterm, M., Mehlhdlg., Breddestr. 19.
392 Stern, Viktor, Metzgerei, Johannisstr. 7.
750 Sticht, Ewald, Bachstr. 13.
